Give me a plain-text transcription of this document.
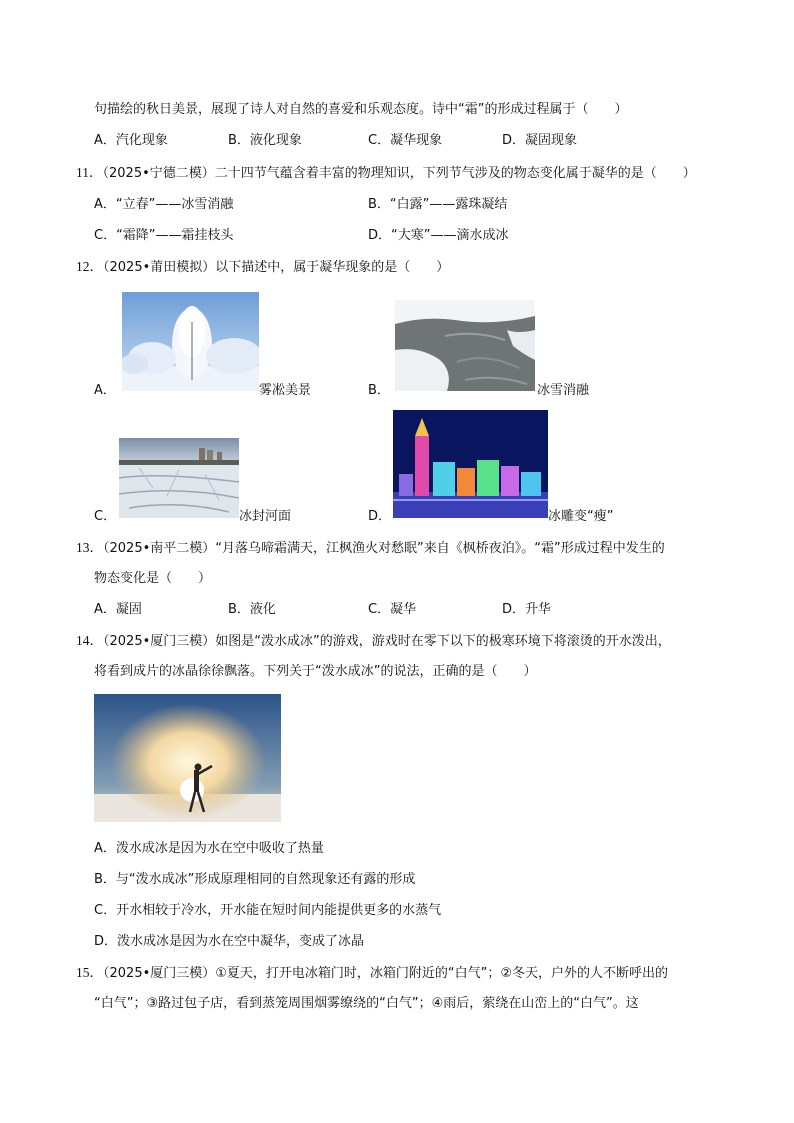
句描绘的秋日美景，展现了诗人对自然的喜爱和乐观态度。诗中“霜”的形成过程属于（　　）
A．汽化现象	B．液化现象	C．凝华现象	D．凝固现象
11．（2025•宁德二模）二十四节气蕴含着丰富的物理知识，下列节气涉及的物态变化属于凝华的是（　　）
A．“立春”——冰雪消融	B．“白露”——露珠凝结
C．“霜降”——霜挂枝头	D．“大寒”——滴水成冰
12．（2025•莆田模拟）以下描述中，属于凝华现象的是（　　）
A．	雾凇美景	B．	冰雪消融
C．	冰封河面	D．	冰雕变“瘦”
13．（2025•南平二模）“月落乌啼霜满天，江枫渔火对愁眠”来自《枫桥夜泊》。“霜”形成过程中发生的
物态变化是（　　）
A．凝固	B．液化	C．凝华	D．升华
14．（2025•厦门三模）如图是“泼水成冰”的游戏，游戏时在零下以下的极寒环境下将滚烫的开水泼出，
将看到成片的冰晶徐徐飘落。下列关于“泼水成冰”的说法，正确的是（　　）
A．泼水成冰是因为水在空中吸收了热量
B．与“泼水成冰”形成原理相同的自然现象还有露的形成
C．开水相较于冷水，开水能在短时间内能提供更多的水蒸气
D．泼水成冰是因为水在空中凝华，变成了冰晶
15．（2025•厦门三模）①夏天，打开电冰箱门时，冰箱门附近的“白气”；②冬天，户外的人不断呼出的
“白气”；③路过包子店，看到蒸笼周围烟雾缭绕的“白气”；④雨后，萦绕在山峦上的“白气”。这
